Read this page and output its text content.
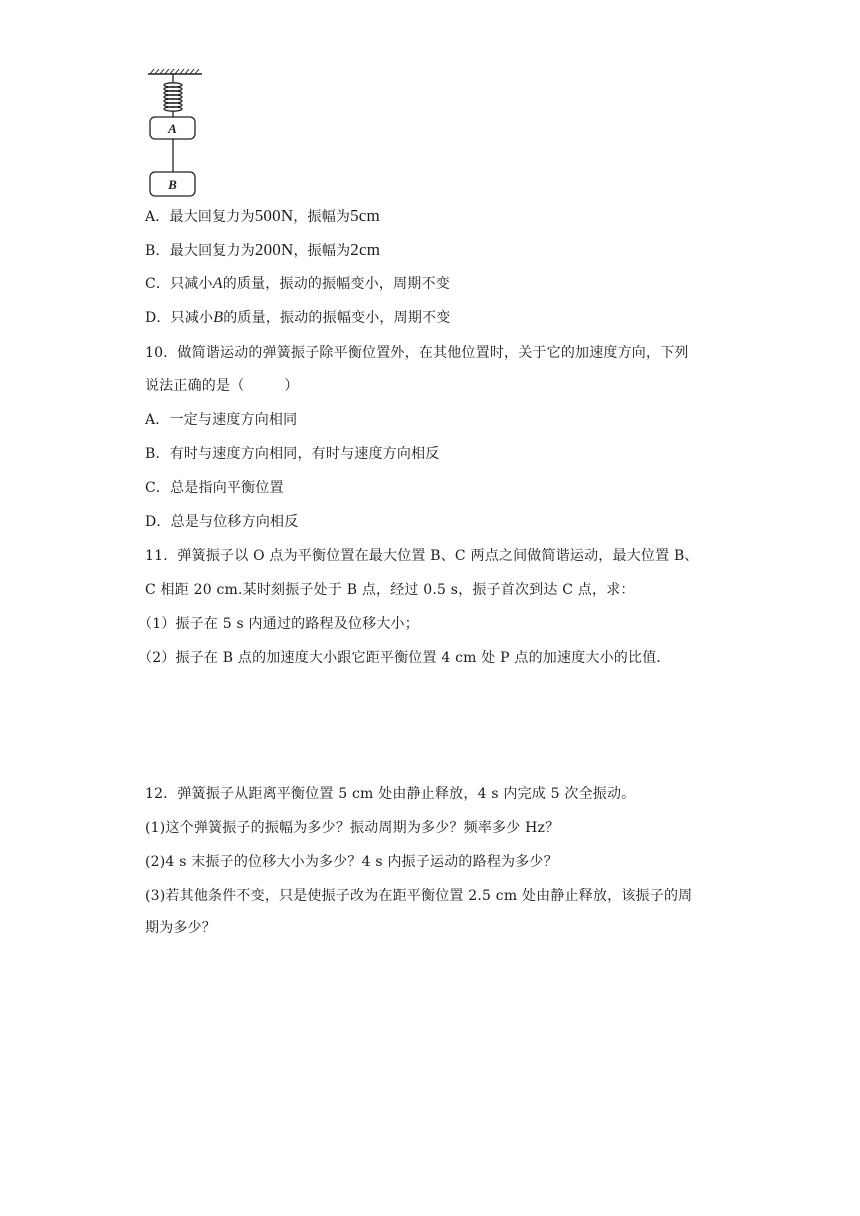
A
B
A．最大回复力为500N，振幅为5cm
B．最大回复力为200N，振幅为2cm
C．只减小A的质量，振动的振幅变小，周期不变
D．只减小B的质量，振动的振幅变小，周期不变
10．做简谐运动的弹簧振子除平衡位置外，在其他位置时，关于它的加速度方向，下列
说法正确的是（	）
A．一定与速度方向相同
B．有时与速度方向相同，有时与速度方向相反
C．总是指向平衡位置
D．总是与位移方向相反
11．弹簧振子以 O 点为平衡位置在最大位置 B、C 两点之间做简谐运动，最大位置 B、
C 相距 20 cm.某时刻振子处于 B 点，经过 0.5 s，振子首次到达 C 点，求：
（1）振子在 5 s 内通过的路程及位移大小；
（2）振子在 B 点的加速度大小跟它距平衡位置 4 cm 处 P 点的加速度大小的比值．
12．弹簧振子从距离平衡位置 5 cm 处由静止释放，4 s 内完成 5 次全振动。
(1)这个弹簧振子的振幅为多少？振动周期为多少？频率多少 Hz？
(2)4 s 末振子的位移大小为多少？4 s 内振子运动的路程为多少？
(3)若其他条件不变，只是使振子改为在距平衡位置 2.5 cm 处由静止释放，该振子的周
期为多少？
